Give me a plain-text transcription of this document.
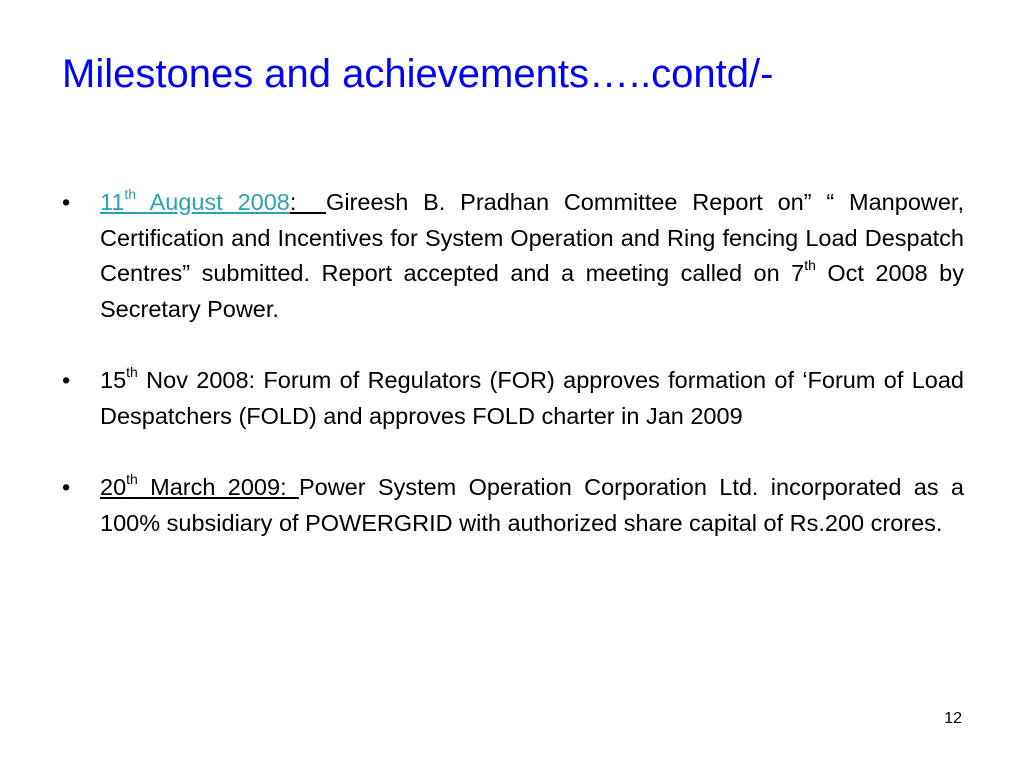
Milestones and achievements…..contd/-
•	11th August 2008:  Gireesh B. Pradhan Committee Report on” “ Manpower, Certification and Incentives for System Operation and Ring fencing Load Despatch Centres” submitted. Report accepted and a meeting called on 7th Oct 2008 by Secretary Power.
•	15th Nov 2008: Forum of Regulators (FOR) approves formation of ‘Forum of Load Despatchers (FOLD) and approves FOLD charter in Jan 2009
•	20th March 2009: Power System Operation Corporation Ltd. incorporated as a 100% subsidiary of POWERGRID with authorized share capital of Rs.200 crores.
12
